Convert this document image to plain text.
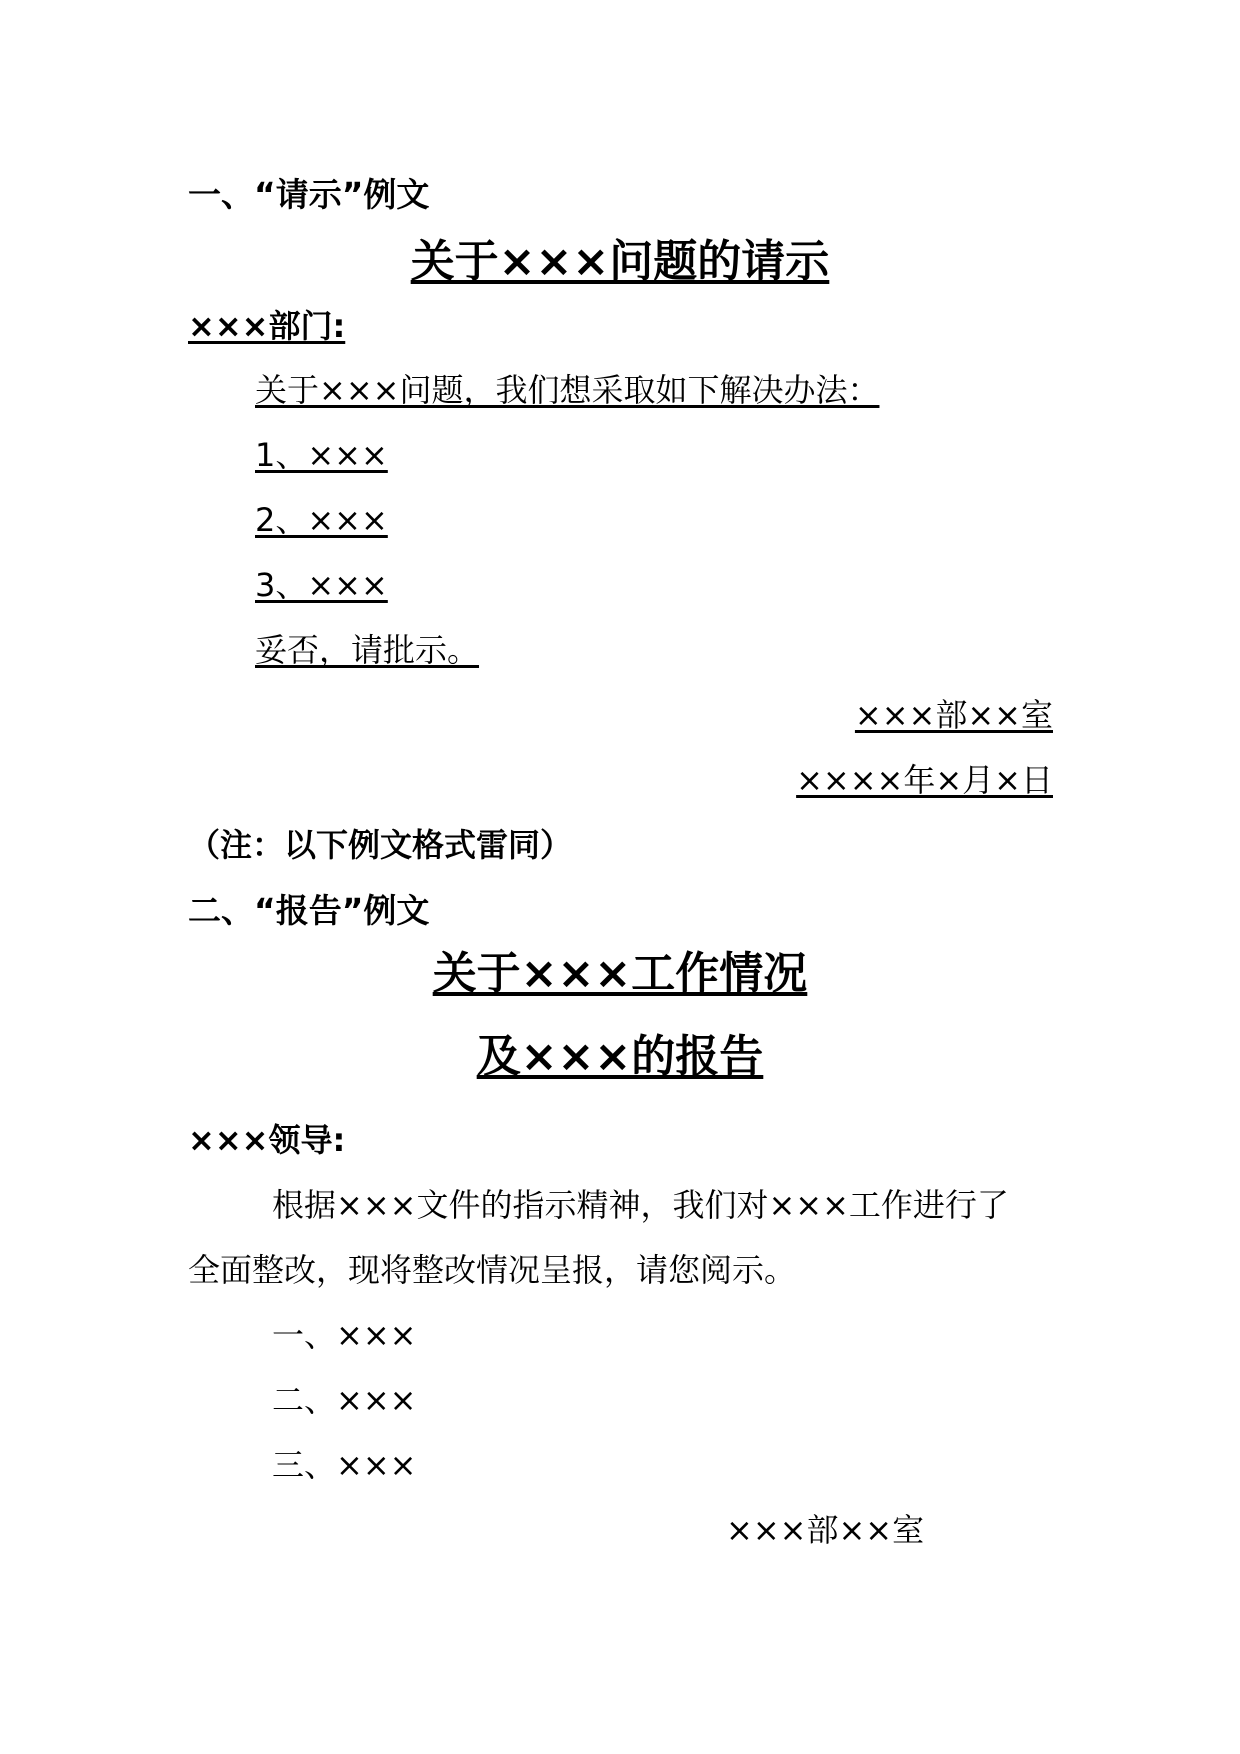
一、“请示”例文
关于×××问题的请示
×××部门:
关于×××问题，我们想采取如下解决办法：
1、×××
2、×××
3、×××
妥否，请批示。
×××部××室
××××年×月×日
（注：以下例文格式雷同）
二、“报告”例文
关于×××工作情况
及×××的报告
×××领导:
根据×××文件的指示精神，我们对×××工作进行了
全面整改，现将整改情况呈报，请您阅示。
一、×××
二、×××
三、×××
×××部××室
